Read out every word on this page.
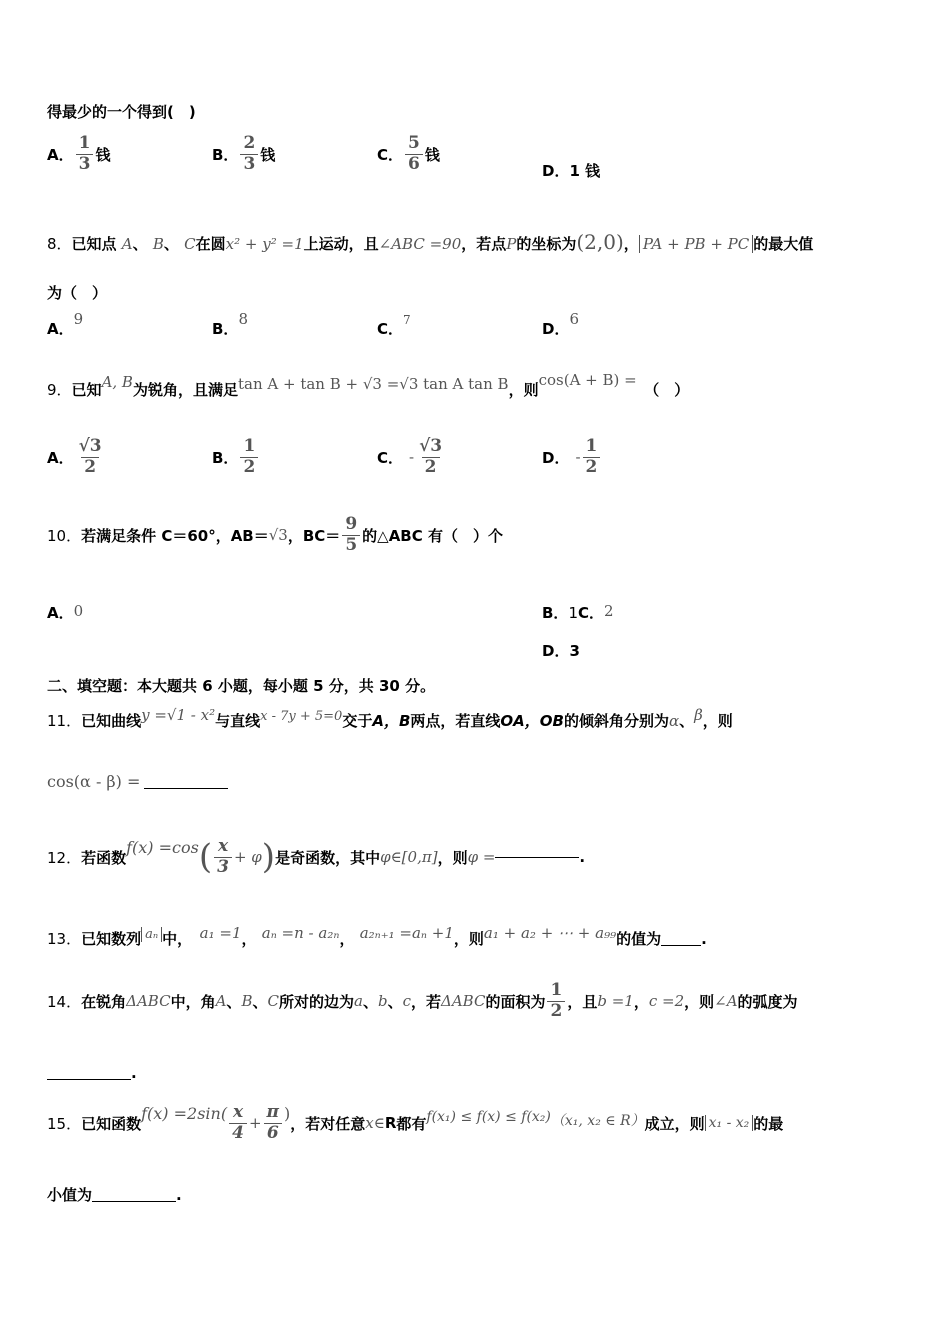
得最少的一个得到(　)
A． $\frac{1}{3}$ 钱	B． $\frac{2}{3}$ 钱	C． $\frac{5}{6}$ 钱
D．1 钱
8．已知点 A、 B、 C在圆x² + y² =1上运动，且∠ABC =90，若点P的坐标为(2,0)， PA + PB + PC 的最大值
为（　）
A．9
B．8
C．$^7$	D．6
9．已知A, B为锐角，且满足tan A + tan B + √3 =√3 tan A tan B，则cos(A + B) =　（　）
A． $\frac{√3}{2}$	B． $\frac{1}{2}$	C． - $\frac{√3}{2}$	D． - $\frac{1}{2}$
10． 若满足条件 C＝60°，AB＝ √3 ，$BC= \frac{9}{5}$ 的△ABC 有（　）个
A．0	B．1C．2
D．3
二、填空题：本大题共 6 小题，每小题 5 分，共 30 分。
11．已知曲线y =√1 - x²与直线x - 7y + 5=0交于A，B两点，若直线OA，OB的倾斜角分别为α、β，则
cos(α - β) =
12． 若函数
f(x) =cos ( $\frac{x}{3} + \varphi$ ) 是奇函数，其中 φ∈[0,π] ，则 φ =	.
13．已知数列 aₙ 中，　 a₁ =1， aₙ =n - a₂ₙ， a₂ₙ₊₁ =aₙ +1，则a₁ + a₂ + ⋯ + a₉₉的值为	.
14． 在锐角 ΔABC 中，角 A 、 B 、 C 所对的边为 a 、 b 、 c ，若 ΔABC 的面积为 $\frac{1}{2}$ ，且 b =1 ， c =2 ，则 ∠A 的弧度为
.
15． 已知函数
$f(x) =2\sin( \frac{x}{4} + \frac{\pi}{6}$ )
，若对任意 x∈ R 都有 f(x₁) ≤ f(x) ≤ f(x₂) （x₁, x₂ ∈ R） 成立，则 x₁ - x₂ 的最
小值为	.
